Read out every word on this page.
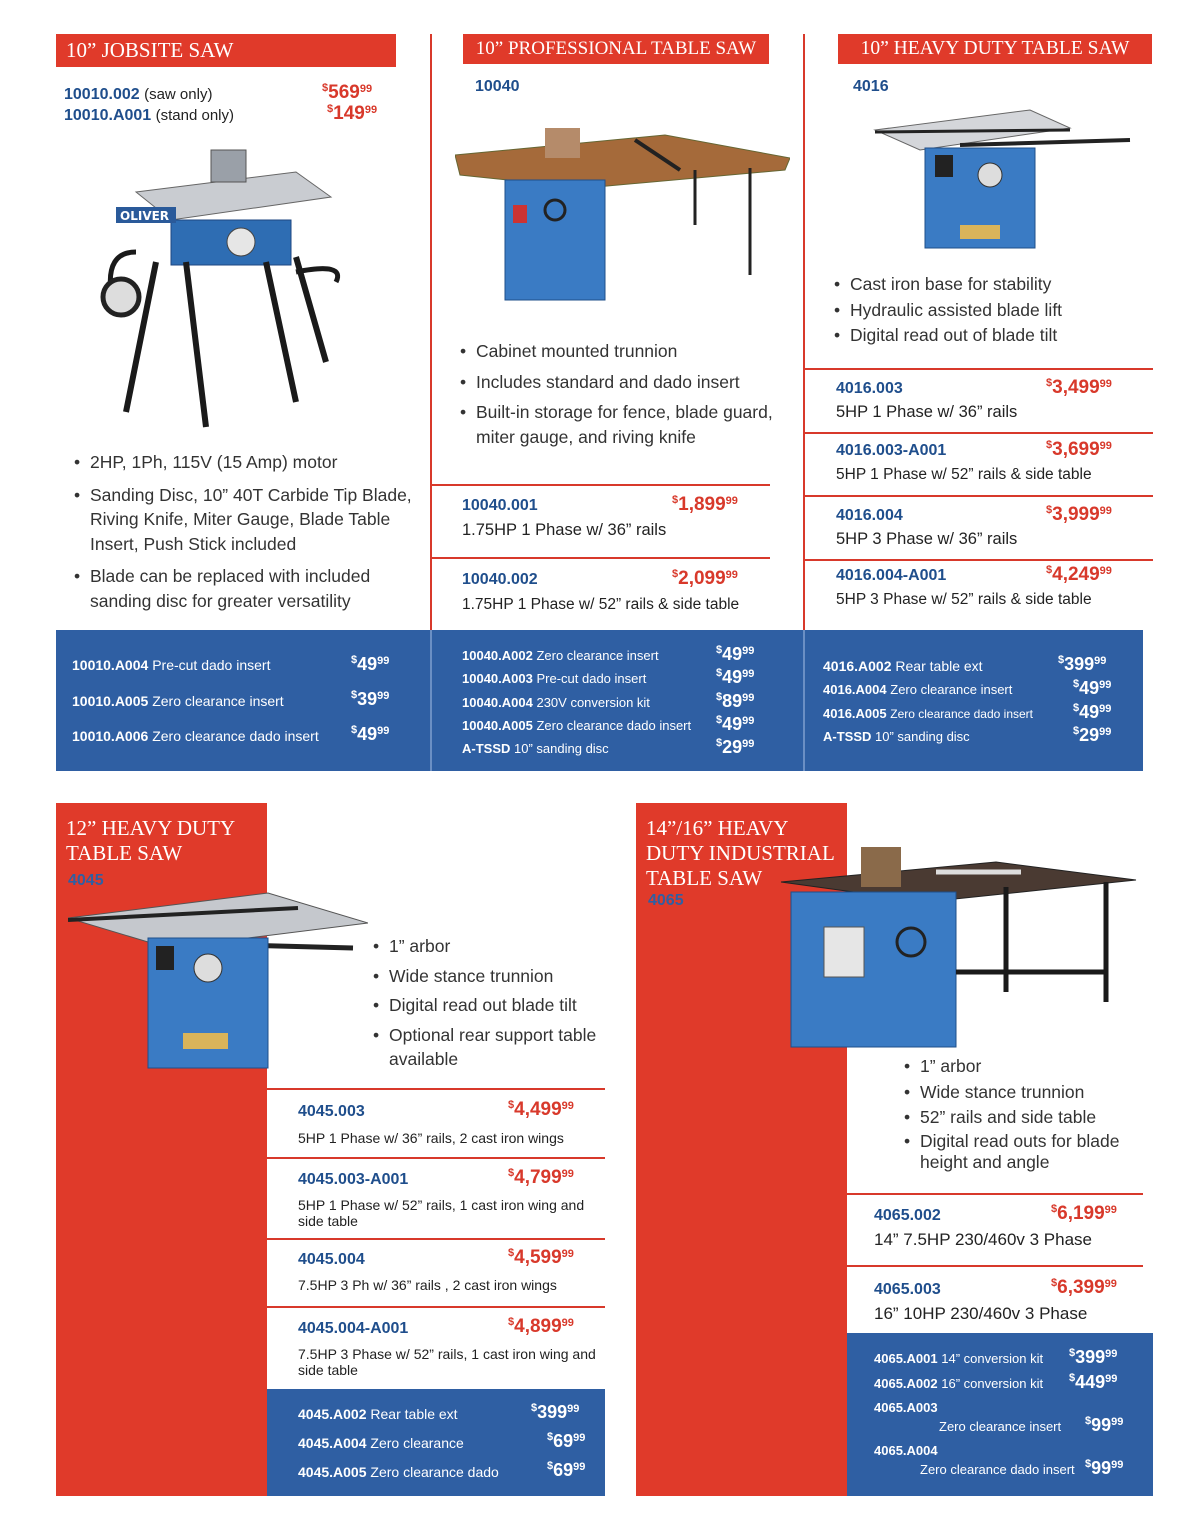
10” JOBSITE SAW
10010.002 (saw only)	$^{\$}569^{99}$
10010.A001 (stand only)	$^{\$}149^{99}$
OLIVER
• 2HP, 1Ph, 115V (15 Amp) motor
• Sanding Disc, 10” 40T Carbide Tip Blade, Riving Knife, Miter Gauge, Blade Table Insert, Push Stick included
• Blade can be replaced with included sanding disc for greater versatility
10” PROFESSIONAL TABLE SAW
10040
• Cabinet mounted trunnion
• Includes standard and dado insert
• Built-in storage for fence, blade guard, miter gauge, and riving knife
10040.001	$1,899$^{99}$
1.75HP 1 Phase w/ 36” rails
10040.002	$2,099$^{99}$
1.75HP 1 Phase w/ 52” rails & side table
10” HEAVY DUTY TABLE SAW
4016
• Cast iron base for stability
• Hydraulic assisted blade lift
• Digital read out of blade tilt
4016.003	$3,499$^{99}$
5HP 1 Phase w/ 36” rails
4016.003-A001	$3,699$^{99}$
5HP 1 Phase w/ 52” rails & side table
4016.004	$3,999$^{99}$
5HP 3 Phase w/ 36” rails
4016.004-A001	$4,249$^{99}$
5HP 3 Phase w/ 52” rails & side table
10010.A004 Pre-cut dado insert	$^{\$}49^{99}$
10010.A005 Zero clearance insert	$^{\$}39^{99}$
10010.A006 Zero clearance dado insert	$^{\$}49^{99}$
10040.A002 Zero clearance insert	$^{\$}49^{99}$
10040.A003 Pre-cut dado insert	$^{\$}49^{99}$
10040.A004 230V conversion kit	$^{\$}89^{99}$
10040.A005 Zero clearance dado insert $^{\$}49^{99}$
A-TSSD 10” sanding disc	$^{\$}29^{99}$
4016.A002 Rear table ext	$^{\$}399^{99}$
4016.A004 Zero clearance insert	$^{\$}49^{99}$
4016.A005 Zero clearance dado insert	$^{\$}49^{99}$
A-TSSD 10” sanding disc	$^{\$}29^{99}$
12” HEAVY DUTY
TABLE SAW
4045
• 1” arbor
• Wide stance trunnion
• Digital read out blade tilt
• Optional rear support table available
4045.003	$4,499$^{99}$
5HP 1 Phase w/ 36” rails, 2 cast iron wings
4045.003-A001	$4,799$^{99}$
5HP 1 Phase w/ 52” rails, 1 cast iron wing and side table
4045.004	$4,599$^{99}$
7.5HP 3 Ph w/ 36” rails , 2 cast iron wings
4045.004-A001	$4,899$^{99}$
7.5HP 3 Phase w/ 52” rails, 1 cast iron wing and side table
4045.A002 Rear table ext	$^{\$}399^{99}$
4045.A004 Zero clearance	$^{\$}69^{99}$
4045.A005 Zero clearance dado	$^{\$}69^{99}$
14”/16” HEAVY
DUTY INDUSTRIAL
TABLE SAW
4065
• 1” arbor
• Wide stance trunnion
• 52” rails and side table
• Digital read outs for blade height and angle
4065.002	$6,199$^{99}$
14” 7.5HP 230/460v 3 Phase
4065.003	$6,399$^{99}$
16” 10HP 230/460v 3 Phase
4065.A001 14” conversion kit $^{\$}399^{99}$
4065.A002 16” conversion kit $^{\$}449^{99}$
4065.A003
Zero clearance insert $^{\$}99^{99}$
4065.A004
Zero clearance dado insert $^{\$}99^{99}$
